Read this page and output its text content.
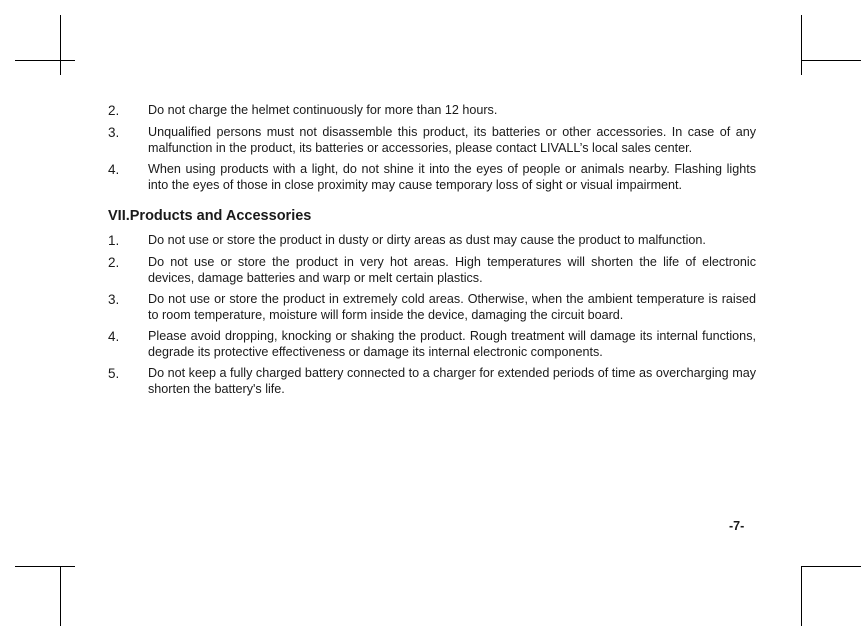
2.	Do not charge the helmet continuously for more than 12 hours.
3.	Unqualified persons must not disassemble this product, its batteries or other accessories. In case of any malfunction in the product, its batteries or accessories, please contact LIVALL’s local sales center.
4.	When using products with a light, do not shine it into the eyes of people or animals nearby. Flashing lights into the eyes of those in close proximity may cause temporary loss of sight or visual impairment.
VII.Products and Accessories
1.	Do not use or store the product in dusty or dirty areas as dust may cause the product to malfunction.
2.	Do not use or store the product in very hot areas. High temperatures will shorten the life of electronic devices, damage batteries and warp or melt certain plastics.
3.	Do not use or store the product in extremely cold areas. Otherwise, when the ambient temperature is raised to room temperature, moisture will form inside the device, damaging the circuit board.
4.	Please avoid dropping, knocking or shaking the product. Rough treatment will damage its internal functions, degrade its protective effectiveness or damage its internal electronic components.
5.	Do not keep a fully charged battery connected to a charger for extended periods of time as overcharging may shorten the battery's life.
-7-
